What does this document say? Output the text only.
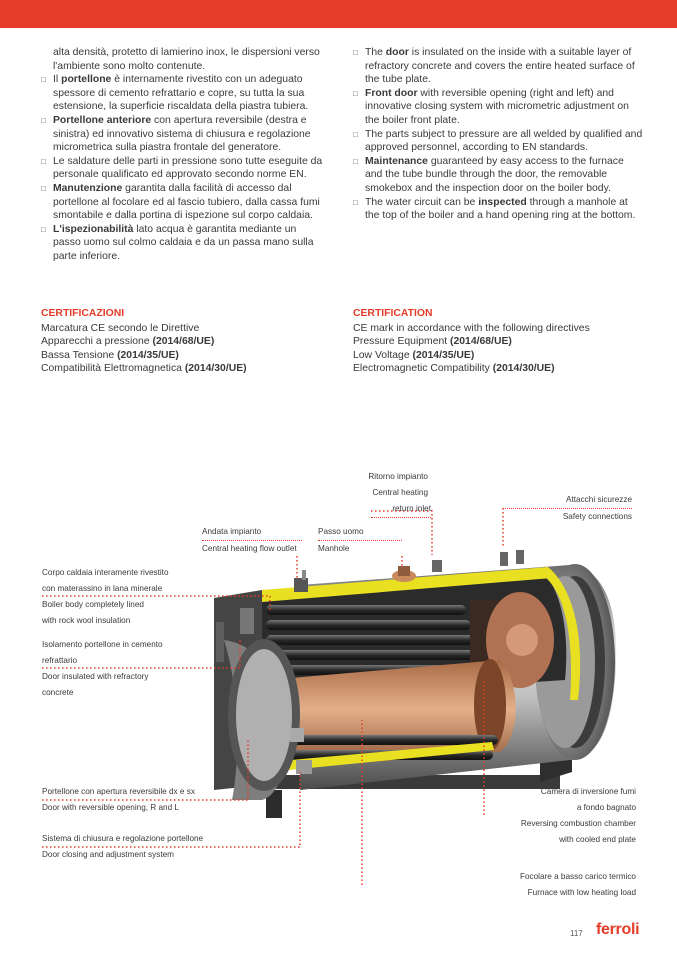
alta densità, protetto di lamierino inox, le dispersioni verso l'ambiente sono molto contenute.
□ Il portellone è internamente rivestito con un adeguato spessore di cemento refrattario e copre, su tutta la sua estensione, la superficie riscaldata della piastra tubiera.
□ Portellone anteriore con apertura reversibile (destra e sinistra) ed innovativo sistema di chiusura e regolazione micrometrica sulla piastra frontale del generatore.
□ Le saldature delle parti in pressione sono tutte eseguite da personale qualificato ed approvato secondo norme EN.
□ Manutenzione garantita dalla facilità di accesso dal portellone al focolare ed al fascio tubiero, dalla cassa fumi smontabile e dalla portina di ispezione sul corpo caldaia.
□ L'ispezionabilità lato acqua è garantita mediante un passo uomo sul colmo caldaia e da un passa mano sulla parte inferiore.
□ The door is insulated on the inside with a suitable layer of refractory concrete and covers the entire heated surface of the tube plate.
□ Front door with reversible opening (right and left) and innovative closing system with micrometric adjustment on the boiler front plate.
□ The parts subject to pressure are all welded by qualified and approved personnel, according to EN standards.
□ Maintenance guaranteed by easy access to the furnace and the tube bundle through the door, the removable smokebox and the inspection door on the boiler body.
□ The water circuit can be inspected through a manhole at the top of the boiler and a hand opening ring at the bottom.
CERTIFICAZIONI
Marcatura CE secondo le Direttive
Apparecchi a pressione (2014/68/UE)
Bassa Tensione (2014/35/UE)
Compatibilità Elettromagnetica (2014/30/UE)
CERTIFICATION
CE mark in accordance with the following directives
Pressure Equipment (2014/68/UE)
Low Voltage (2014/35/UE)
Electromagnetic Compatibility (2014/30/UE)
Ritorno impianto
Central heating
return inlet
Attacchi sicurezze
Safety connections
Andata impianto
Central heating flow outlet
Passo uomo
Manhole
Corpo caldaia interamente rivestito
con materassino in lana minerale
Boiler body completely lined
with rock wool insulation
Isolamento portellone in cemento
refrattario
Door insulated with refractory
concrete
Portellone con apertura reversibile dx e sx
Door with reversible opening, R and L
Sistema di chiusura e regolazione portellone
Door closing and adjustment system
Camera di inversione fumi
a fondo bagnato
Reversing combustion chamber
with cooled end plate
Focolare a basso carico termico
Furnace with low heating load
117 ferroli
